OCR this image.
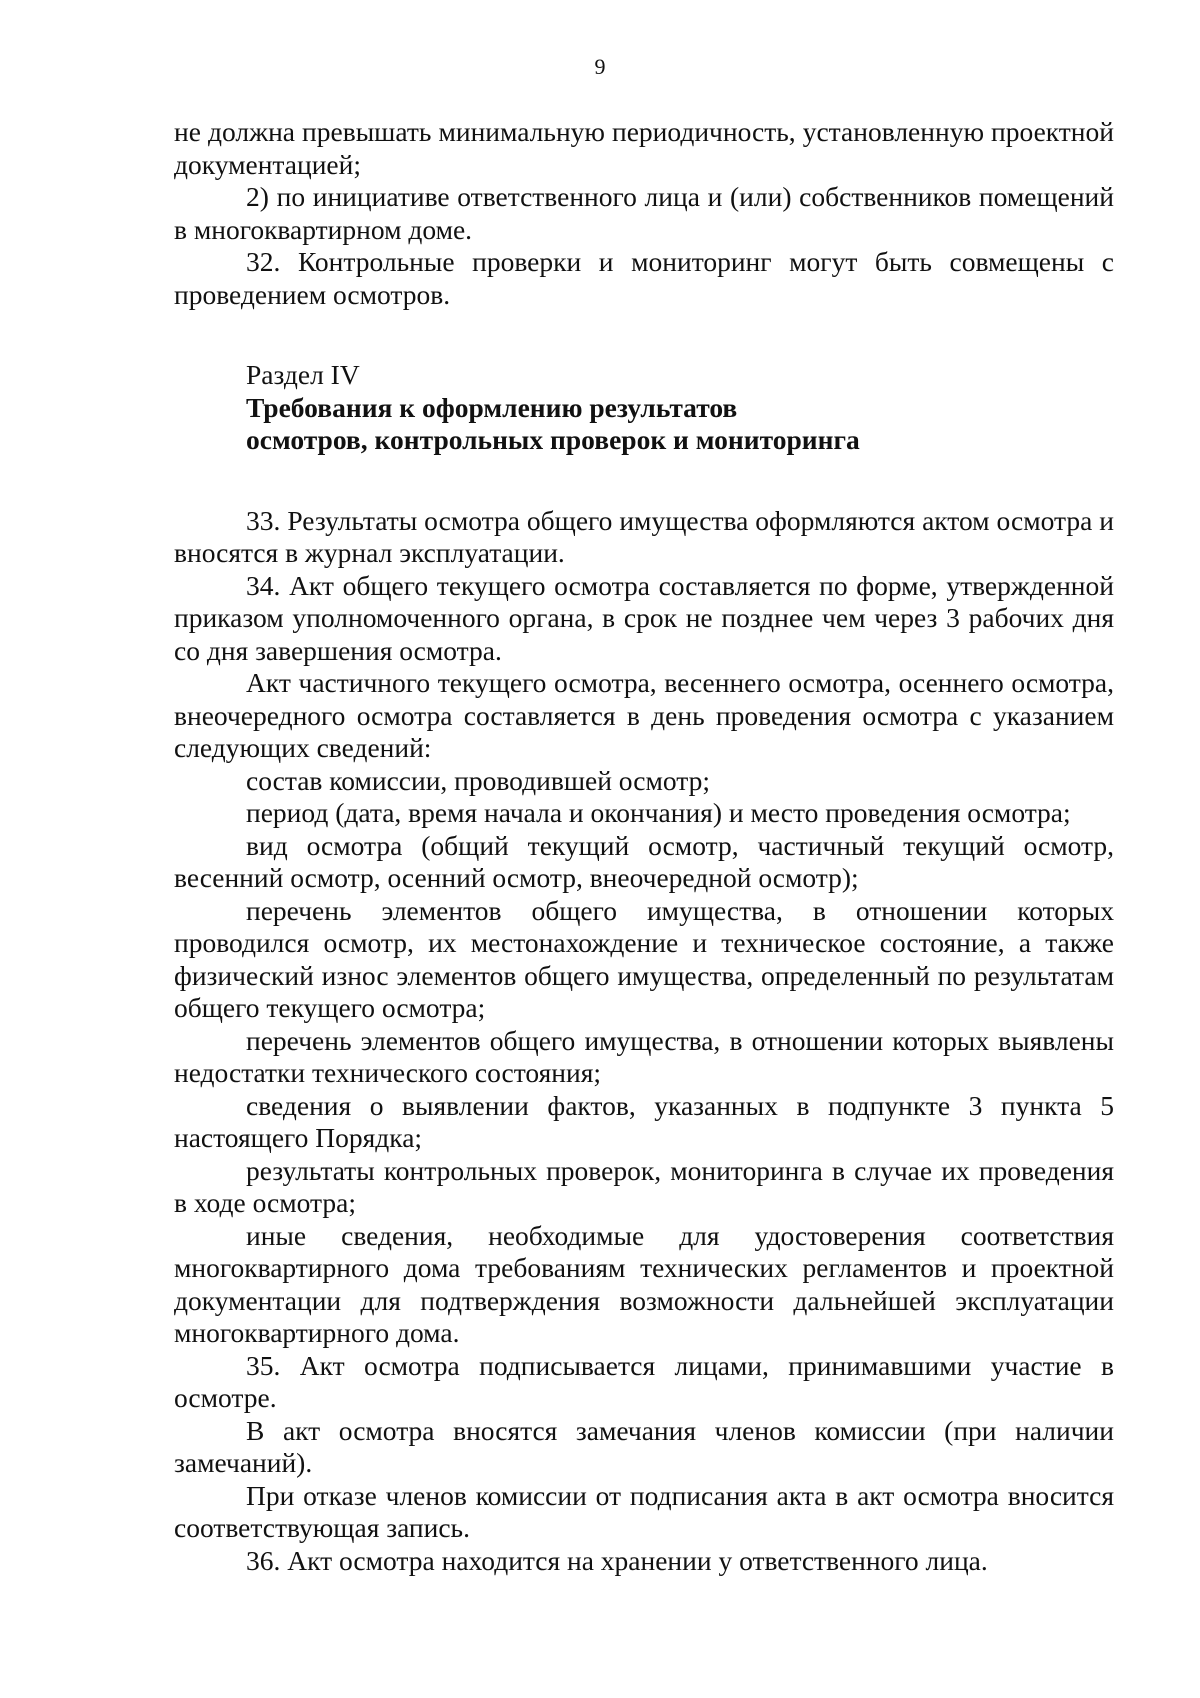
9

не должна превышать минимальную периодичность, установленную проектной документацией;

2) по инициативе ответственного лица и (или) собственников помещений в многоквартирном доме.

32. Контрольные проверки и мониторинг могут быть совмещены с проведением осмотров.

Раздел IV

Требования к оформлению результатов

осмотров, контрольных проверок и мониторинга

33. Результаты осмотра общего имущества оформляются актом осмотра и вносятся в журнал эксплуатации.

34. Акт общего текущего осмотра составляется по форме, утвержденной приказом уполномоченного органа, в срок не позднее чем через 3 рабочих дня со дня завершения осмотра.

Акт частичного текущего осмотра, весеннего осмотра, осеннего осмотра, внеочередного осмотра составляется в день проведения осмотра с указанием следующих сведений:

состав комиссии, проводившей осмотр;

период (дата, время начала и окончания) и место проведения осмотра;

вид осмотра (общий текущий осмотр, частичный текущий осмотр, весенний осмотр, осенний осмотр, внеочередной осмотр);

перечень элементов общего имущества, в отношении которых проводился осмотр, их местонахождение и техническое состояние, а также физический износ элементов общего имущества, определенный по результатам общего текущего осмотра;

перечень элементов общего имущества, в отношении которых выявлены недостатки технического состояния;

сведения о выявлении фактов, указанных в подпункте 3 пункта 5 настоящего Порядка;

результаты контрольных проверок, мониторинга в случае их проведения в ходе осмотра;

иные сведения, необходимые для удостоверения соответствия многоквартирного дома требованиям технических регламентов и проектной документации для подтверждения возможности дальнейшей эксплуатации многоквартирного дома.

35. Акт осмотра подписывается лицами, принимавшими участие в осмотре.

В акт осмотра вносятся замечания членов комиссии (при наличии замечаний).

При отказе членов комиссии от подписания акта в акт осмотра вносится соответствующая запись.

36. Акт осмотра находится на хранении у ответственного лица.
